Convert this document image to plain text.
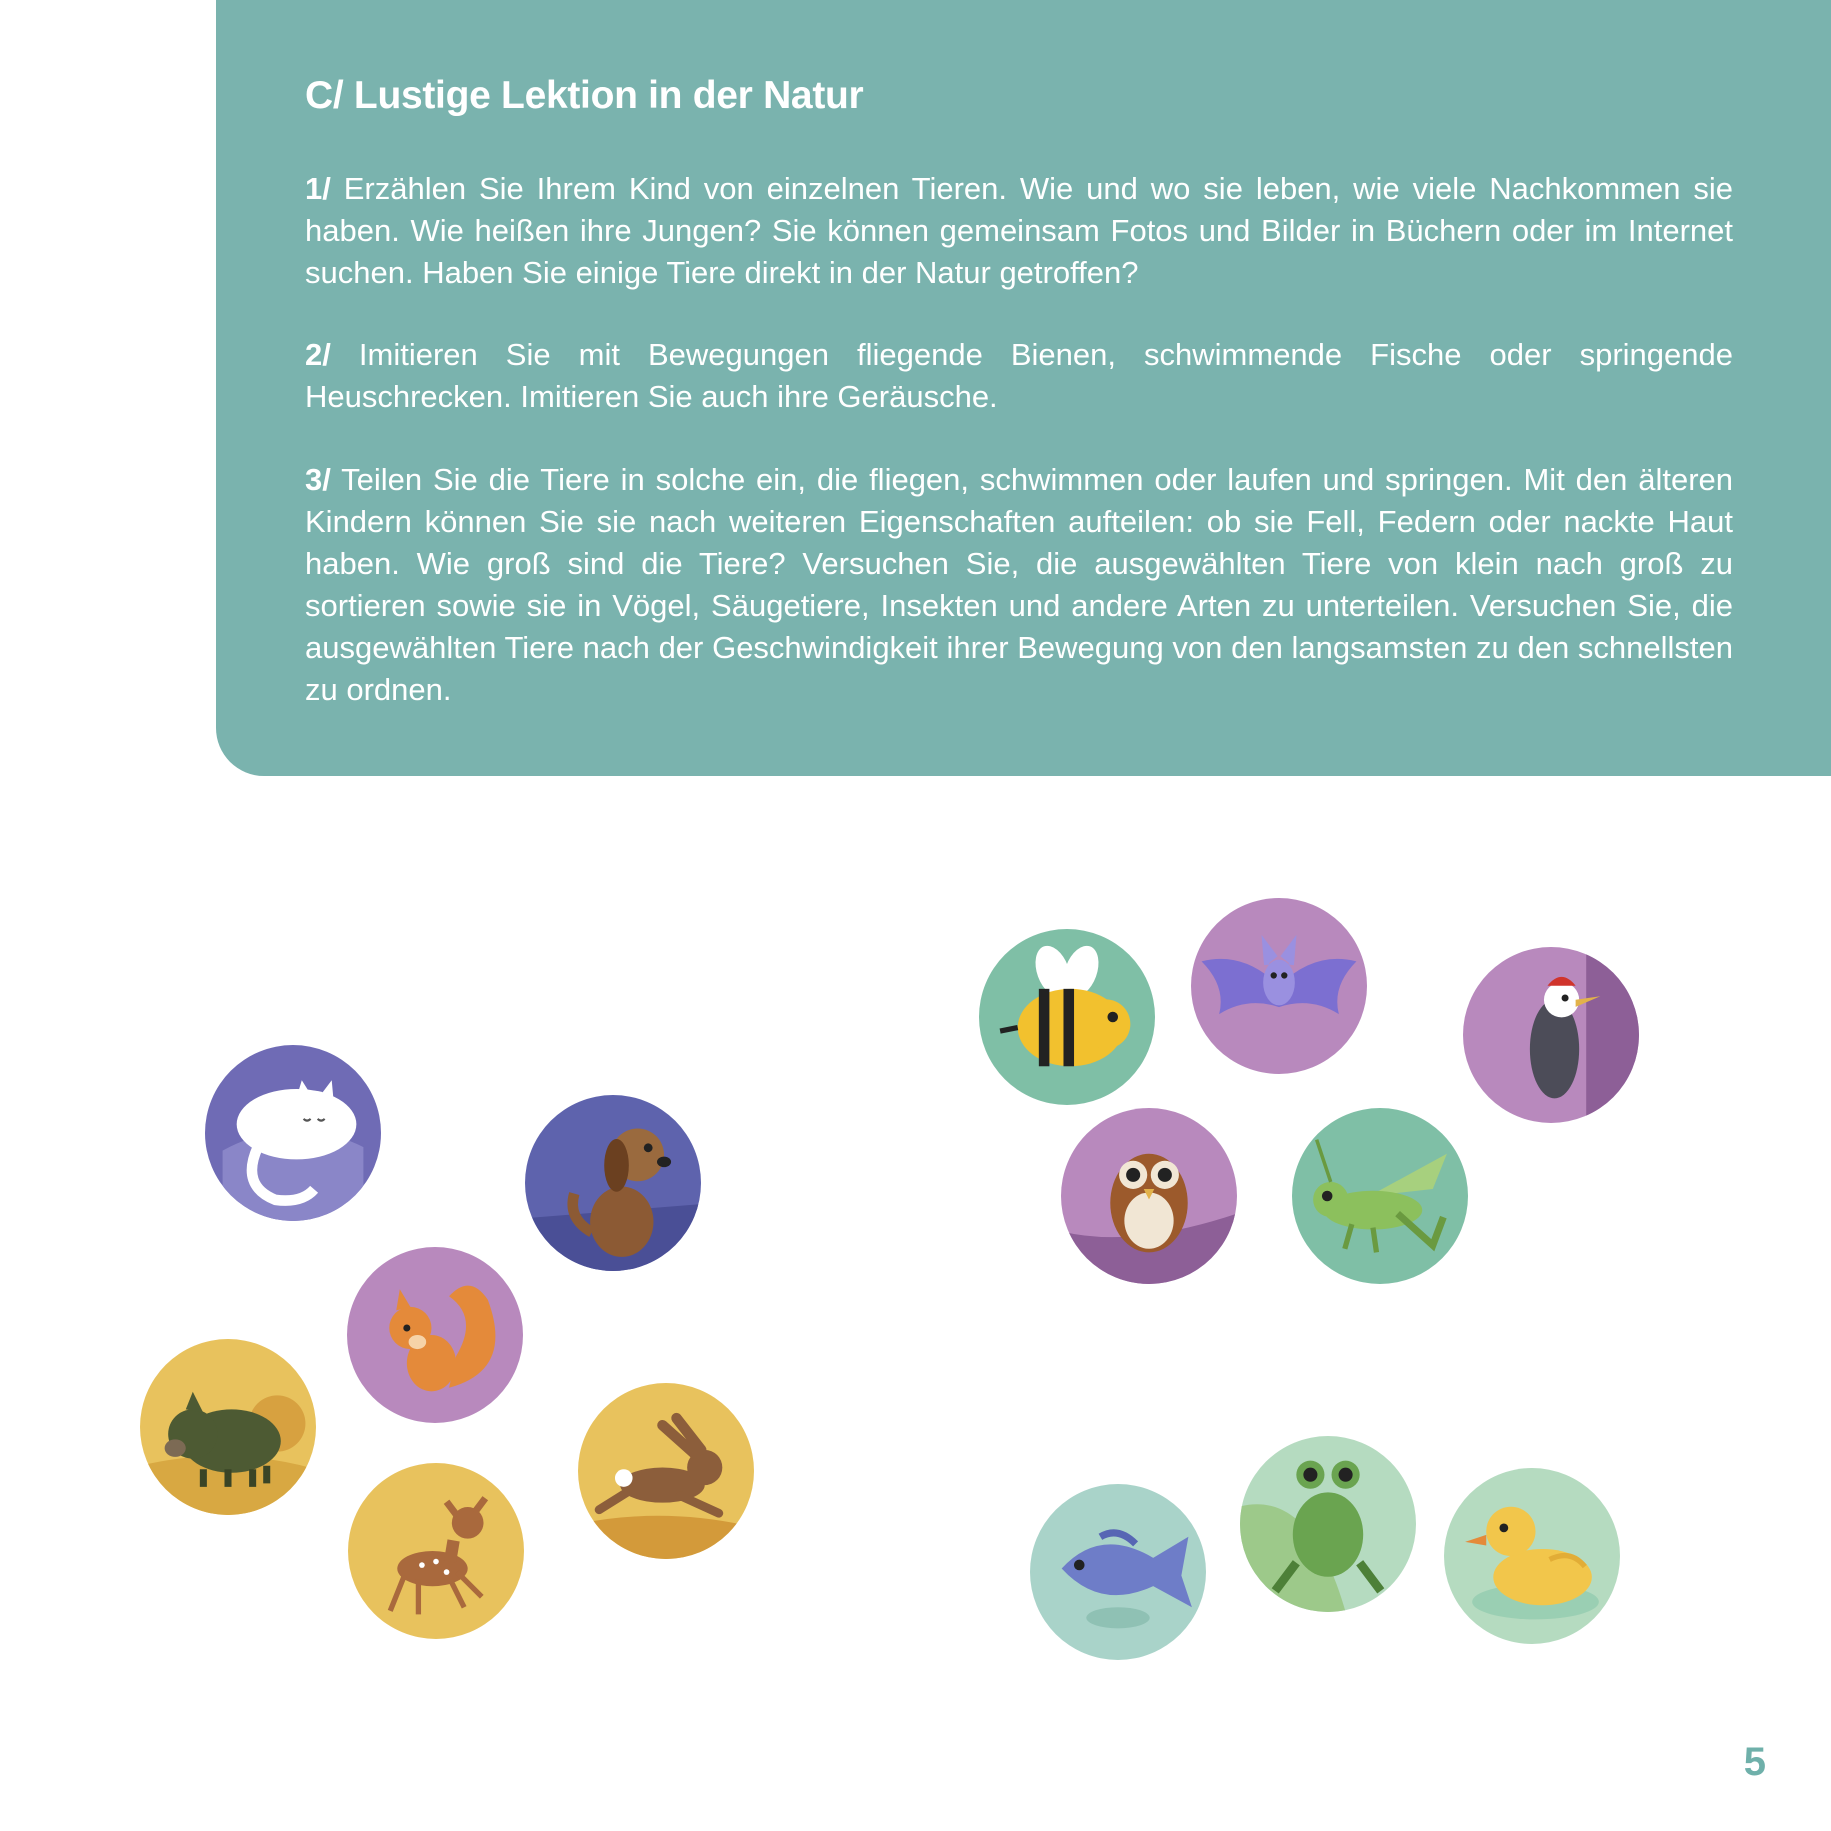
C/ Lustige Lektion in der Natur

1/ Erzählen Sie Ihrem Kind von einzelnen Tieren. Wie und wo sie leben, wie viele Nachkommen sie haben. Wie heißen ihre Jungen? Sie können gemeinsam Fotos und Bilder in Büchern oder im Internet suchen. Haben Sie einige Tiere direkt in der Natur getroffen?

2/ Imitieren Sie mit Bewegungen fliegende Bienen, schwimmende Fische oder springende Heuschrecken. Imitieren Sie auch ihre Geräusche.

3/ Teilen Sie die Tiere in solche ein, die fliegen, schwimmen oder laufen und springen. Mit den älteren Kindern können Sie sie nach weiteren Eigenschaften aufteilen: ob sie Fell, Federn oder nackte Haut haben. Wie groß sind die Tiere? Versuchen Sie, die ausgewählten Tiere von klein nach groß zu sortieren sowie sie in Vögel, Säugetiere, Insekten und andere Arten zu unterteilen. Versuchen Sie, die ausgewählten Tiere nach der Geschwindigkeit ihrer Bewegung von den langsamsten zu den schnellsten zu ordnen.

5
